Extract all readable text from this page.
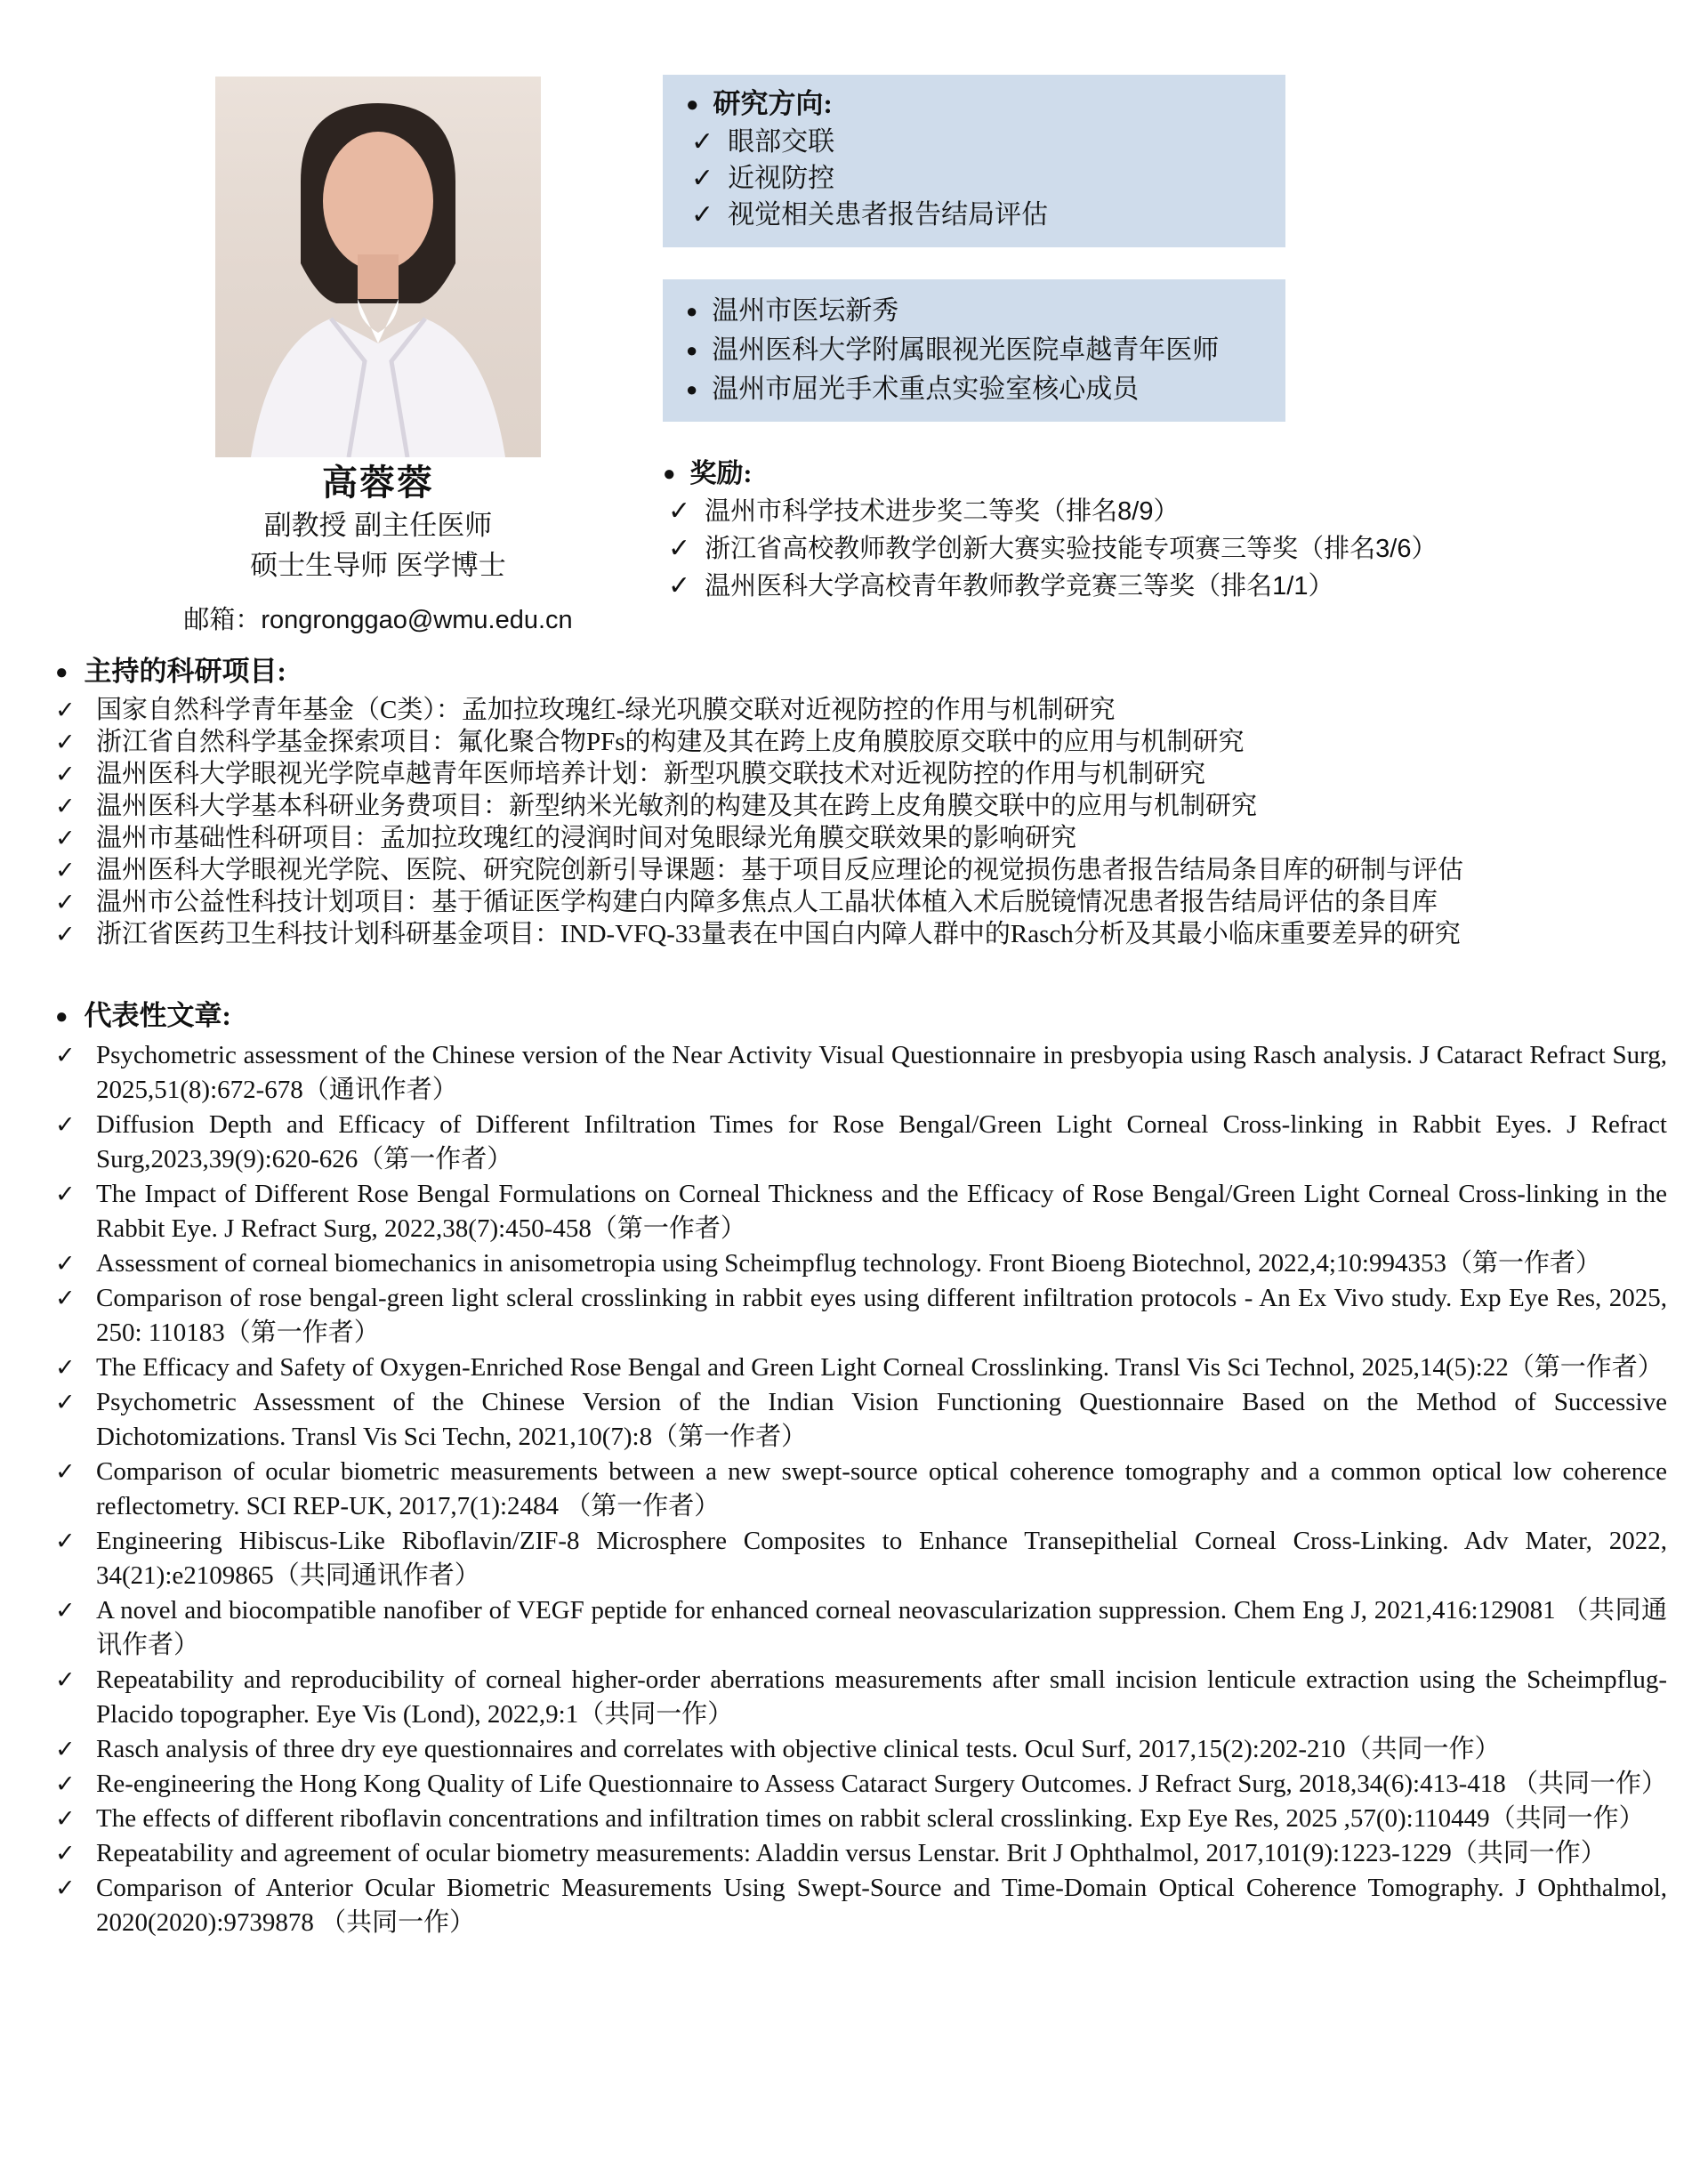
高蓉蓉
副教授 副主任医师
硕士生导师 医学博士
邮箱：rongronggao@wmu.edu.cn
● 研究方向:
✓ 眼部交联
✓ 近视防控
✓ 视觉相关患者报告结局评估
● 温州市医坛新秀
● 温州医科大学附属眼视光医院卓越青年医师
● 温州市屈光手术重点实验室核心成员
● 奖励:
✓ 温州市科学技术进步奖二等奖（排名8/9）
✓ 浙江省高校教师教学创新大赛实验技能专项赛三等奖（排名3/6）
✓ 温州医科大学高校青年教师教学竞赛三等奖（排名1/1）
● 主持的科研项目:
✓ 国家自然科学青年基金（C类）：孟加拉玫瑰红-绿光巩膜交联对近视防控的作用与机制研究
✓ 浙江省自然科学基金探索项目：氟化聚合物PFs的构建及其在跨上皮角膜胶原交联中的应用与机制研究
✓ 温州医科大学眼视光学院卓越青年医师培养计划：新型巩膜交联技术对近视防控的作用与机制研究
✓ 温州医科大学基本科研业务费项目：新型纳米光敏剂的构建及其在跨上皮角膜交联中的应用与机制研究
✓ 温州市基础性科研项目：孟加拉玫瑰红的浸润时间对兔眼绿光角膜交联效果的影响研究
✓ 温州医科大学眼视光学院、医院、研究院创新引导课题：基于项目反应理论的视觉损伤患者报告结局条目库的研制与评估
✓ 温州市公益性科技计划项目：基于循证医学构建白内障多焦点人工晶状体植入术后脱镜情况患者报告结局评估的条目库
✓ 浙江省医药卫生科技计划科研基金项目：IND-VFQ-33量表在中国白内障人群中的Rasch分析及其最小临床重要差异的研究
● 代表性文章:
✓ Psychometric assessment of the Chinese version of the Near Activity Visual Questionnaire in presbyopia using Rasch analysis. J Cataract Refract Surg, 2025,51(8):672-678（通讯作者）
✓ Diffusion Depth and Efficacy of Different Infiltration Times for Rose Bengal/Green Light Corneal Cross-linking in Rabbit Eyes. J Refract Surg,2023,39(9):620-626（第一作者）
✓ The Impact of Different Rose Bengal Formulations on Corneal Thickness and the Efficacy of Rose Bengal/Green Light Corneal Cross-linking in the Rabbit Eye. J Refract Surg, 2022,38(7):450-458（第一作者）
✓ Assessment of corneal biomechanics in anisometropia using Scheimpflug technology. Front Bioeng Biotechnol, 2022,4;10:994353（第一作者）
✓ Comparison of rose bengal-green light scleral crosslinking in rabbit eyes using different infiltration protocols - An Ex Vivo study. Exp Eye Res, 2025, 250: 110183（第一作者）
✓ The Efficacy and Safety of Oxygen-Enriched Rose Bengal and Green Light Corneal Crosslinking. Transl Vis Sci Technol, 2025,14(5):22（第一作者）
✓ Psychometric Assessment of the Chinese Version of the Indian Vision Functioning Questionnaire Based on the Method of Successive Dichotomizations. Transl Vis Sci Techn, 2021,10(7):8（第一作者）
✓ Comparison of ocular biometric measurements between a new swept-source optical coherence tomography and a common optical low coherence reflectometry. SCI REP-UK, 2017,7(1):2484 （第一作者）
✓ Engineering Hibiscus-Like Riboflavin/ZIF-8 Microsphere Composites to Enhance Transepithelial Corneal Cross-Linking. Adv Mater, 2022, 34(21):e2109865（共同通讯作者）
✓ A novel and biocompatible nanofiber of VEGF peptide for enhanced corneal neovascularization suppression. Chem Eng J, 2021,416:129081 （共同通讯作者）
✓ Repeatability and reproducibility of corneal higher-order aberrations measurements after small incision lenticule extraction using the Scheimpflug-Placido topographer. Eye Vis (Lond), 2022,9:1（共同一作）
✓ Rasch analysis of three dry eye questionnaires and correlates with objective clinical tests. Ocul Surf, 2017,15(2):202-210（共同一作）
✓ Re-engineering the Hong Kong Quality of Life Questionnaire to Assess Cataract Surgery Outcomes. J Refract Surg, 2018,34(6):413-418 （共同一作）
✓ The effects of different riboflavin concentrations and infiltration times on rabbit scleral crosslinking. Exp Eye Res, 2025 ,57(0):110449（共同一作）
✓ Repeatability and agreement of ocular biometry measurements: Aladdin versus Lenstar. Brit J Ophthalmol, 2017,101(9):1223-1229（共同一作）
✓ Comparison of Anterior Ocular Biometric Measurements Using Swept-Source and Time-Domain Optical Coherence Tomography. J Ophthalmol, 2020(2020):9739878 （共同一作）
